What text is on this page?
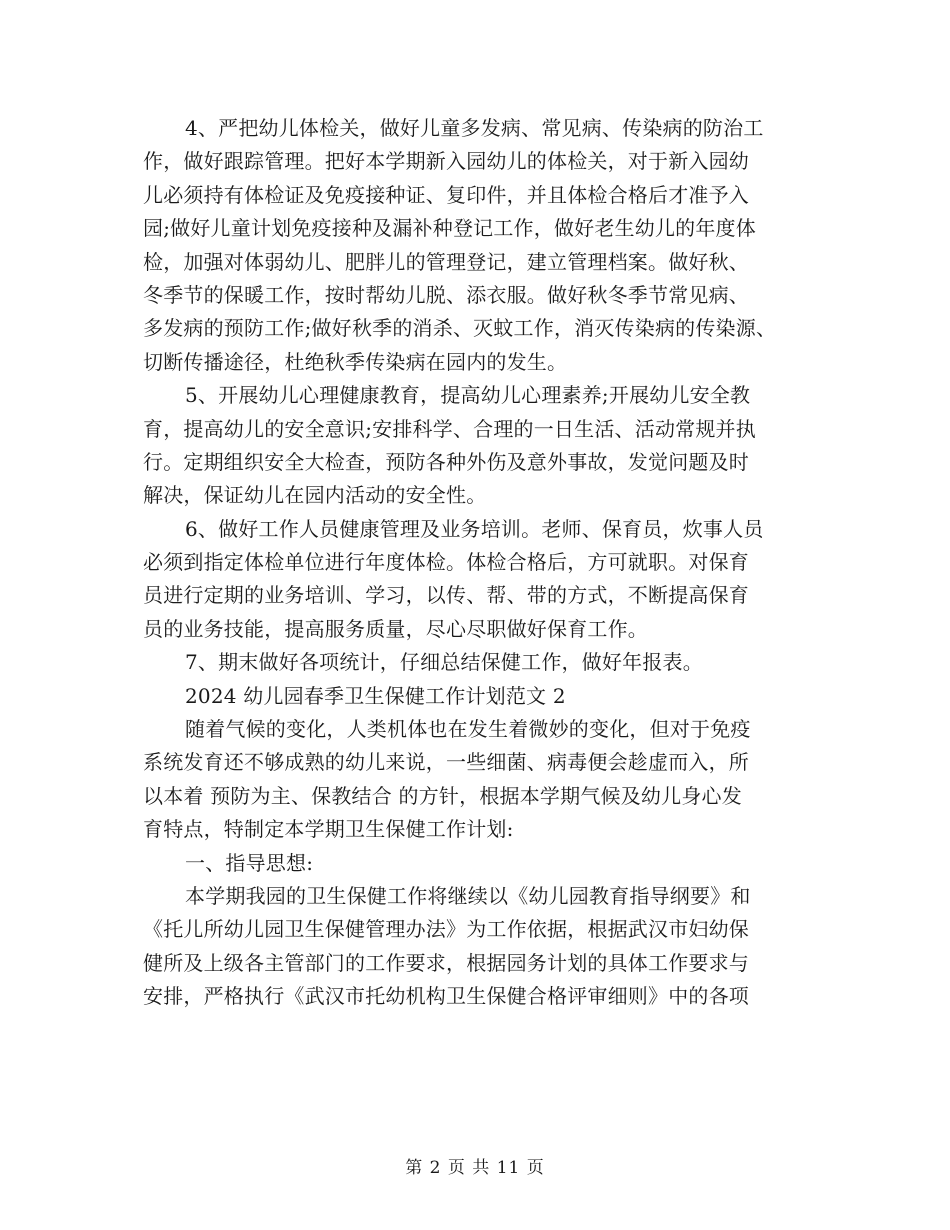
4、严把幼儿体检关，做好儿童多发病、常见病、传染病的防治工
作，做好跟踪管理。把好本学期新入园幼儿的体检关，对于新入园幼
儿必须持有体检证及免疫接种证、复印件，并且体检合格后才准予入
园;做好儿童计划免疫接种及漏补种登记工作，做好老生幼儿的年度体
检，加强对体弱幼儿、肥胖儿的管理登记，建立管理档案。做好秋、
冬季节的保暖工作，按时帮幼儿脱、添衣服。做好秋冬季节常见病、
多发病的预防工作;做好秋季的消杀、灭蚊工作，消灭传染病的传染源、
切断传播途径，杜绝秋季传染病在园内的发生。
5、开展幼儿心理健康教育，提高幼儿心理素养;开展幼儿安全教
育，提高幼儿的安全意识;安排科学、合理的一日生活、活动常规并执
行。定期组织安全大检查，预防各种外伤及意外事故，发觉问题及时
解决，保证幼儿在园内活动的安全性。
6、做好工作人员健康管理及业务培训。老师、保育员，炊事人员
必须到指定体检单位进行年度体检。体检合格后，方可就职。对保育
员进行定期的业务培训、学习，以传、帮、带的方式，不断提高保育
员的业务技能，提高服务质量，尽心尽职做好保育工作。
7、期末做好各项统计，仔细总结保健工作，做好年报表。
2024 幼儿园春季卫生保健工作计划范文 2
随着气候的变化，人类机体也在发生着微妙的变化，但对于免疫
系统发育还不够成熟的幼儿来说，一些细菌、病毒便会趁虚而入，所
以本着 预防为主、保教结合 的方针，根据本学期气候及幼儿身心发
育特点，特制定本学期卫生保健工作计划:
一、指导思想:
本学期我园的卫生保健工作将继续以《幼儿园教育指导纲要》和
《托儿所幼儿园卫生保健管理办法》为工作依据，根据武汉市妇幼保
健所及上级各主管部门的工作要求，根据园务计划的具体工作要求与
安排，严格执行《武汉市托幼机构卫生保健合格评审细则》中的各项
第 2 页 共 11 页
